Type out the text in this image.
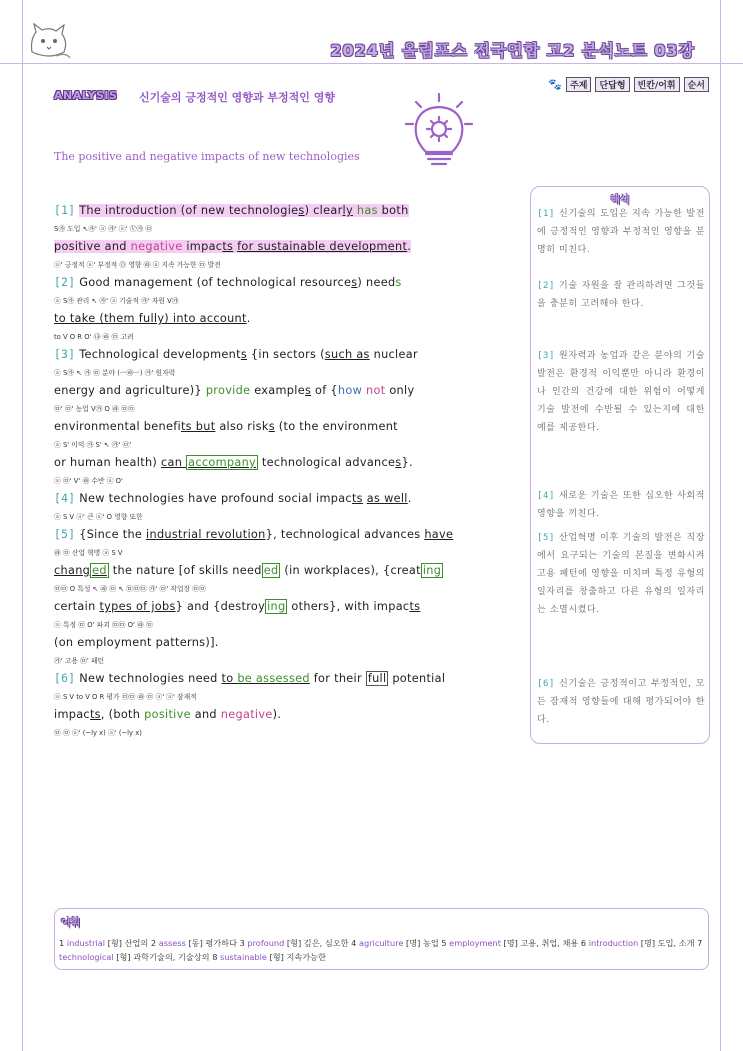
2024년 올림포스 전국연합 고2 분석노트 03강
ANALYSIS 신기술의 긍정적인 영향과 부정적인 영향
The positive and negative impacts of new technologies
🐾 주제	단답형	빈칸/어휘	순서
[1] The introduction (of new technologies) clearly has both
S㉮ 도입 ↖㉮' ⓐ ㉮' ⓐ' Ⓥ㉮ ㉤
positive and negative impacts for sustainable development.
ⓐ' 긍정적 ⓐ' 부정적 Ⓞ 영향 ㉱ ⓐ 지속 가능한 ㉤ 발전
[2] Good management (of technological resources) needs
ⓐ S㉮ 관리 ↖ ㉮' ⓐ 기술적 ㉮' 자원 V㉮
to take (them fully) into account.
to V O R O' ㉯ ㉱ ㉤ 고려
[3] Technological developments {in sectors (such as nuclear
ⓐ S㉮ ↖ ㉮ ㉤ 분야 (ㅡ㉱ㅡ) ㉮' 원자력
energy and agriculture)} provide examples of {how not only
㉤' ㉤' 농업 V㉮ O ㉱ ㉤㉤
environmental benefits but also risks (to the environment
ⓐ S' 이익 ㉮ S' ↖ ㉮' ㉤'
or human health) can accompany technological advances}.
ⓐ ㉤' V' ㉱ 수반 ⓐ O'
[4] New technologies have profound social impacts as well.
ⓐ S V ⓐ' 큰 ⓐ' O 영향 또한
[5] {Since the industrial revolution}, technological advances have
㉱ ㉤ 산업 혁명 ⓐ S V
chang ed the nature [of skills need ed (in workplaces), {creat ing
㉤㉤ O 특성 ↖ ㉱ ㉤ ↖ ㉤㉤㉤ ㉮' ㉤' 작업장 ㉤㉤
certain types of jobs} and {destroy ing others}, with impacts
ⓐ 특정 ㉤ O' 파괴 ㉤㉤ O' ㉱ ㉤
(on employment patterns)].
㉮' 고용 ㉤' 패턴
[6] New technologies need to be assessed for their full potential
ⓐ S V to V O R 평가 ㉤㉤ ㉱ ㉤ ⓐ' ⓐ' 잠재적
impacts, (both positive and negative).
㉤ ㉤ ⓐ' (~ly x) ⓐ' (~ly x)
해석
[1] 신기술의 도입은 지속 가능한 발전에 긍정적인 영향과 부정적인 영향을 분명히 미친다.
[2] 기술 자원을 잘 관리하려면 그것들을 충분히 고려해야 한다.
[3] 원자력과 농업과 같은 분야의 기술 발전은 환경적 이익뿐만 아니라 환경이나 인간의 건강에 대한 위험이 어떻게 기술 발전에 수반될 수 있는지에 대한 예를 제공한다.
[4] 새로운 기술은 또한 심오한 사회적 영향을 끼친다.
[5] 산업혁명 이후 기술의 발전은 직장에서 요구되는 기술의 본질을 변화시켜 고용 패턴에 영향을 미치며 특정 유형의 일자리를 창출하고 다른 유형의 일자리는 소멸시켰다.
[6] 신기술은 긍정적이고 부정적인, 모든 잠재적 영향들에 대해 평가되어야 한다.
어휘
1 industrial [형] 산업의 2 assess [동] 평가하다 3 profound [형] 깊은, 심오한 4 agriculture [명] 농업 5 employment [명] 고용, 취업, 채용 6 introduction [명] 도입, 소개 7 technological [형] 과학기술의, 기술상의 8 sustainable [형] 지속가능한
